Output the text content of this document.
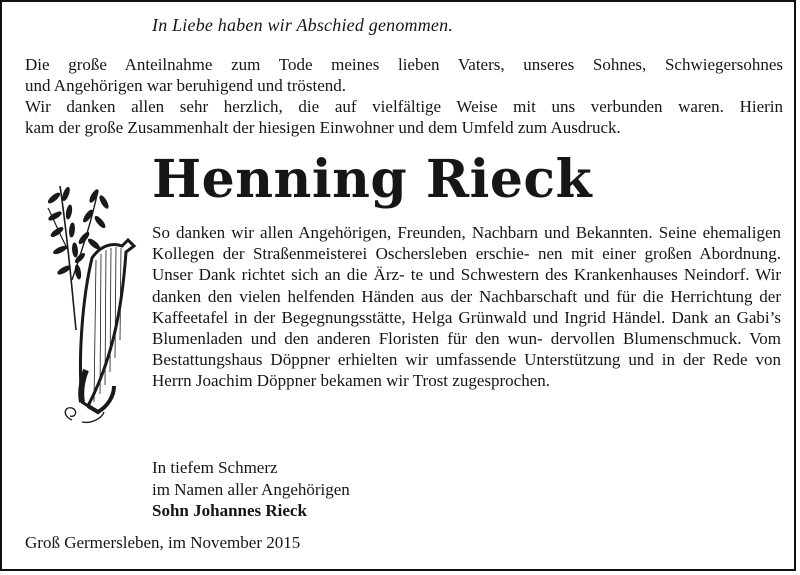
In Liebe haben wir Abschied genommen.

Die große Anteilnahme zum Tode meines lieben Vaters, unseres Sohnes, Schwiegersohnes

und Angehörigen war beruhigend und tröstend.

Wir danken allen sehr herzlich, die auf vielfältige Weise mit uns verbunden waren. Hierin

kam der große Zusammenhalt der hiesigen Einwohner und dem Umfeld zum Ausdruck.

Henning Rieck
So danken wir allen Angehörigen, Freunden, Nachbarn und Bekannten. Seine ehemaligen Kollegen der Straßenmeisterei Oschersleben erschie- nen mit einer großen Abordnung. Unser Dank richtet sich an die Ärz- te und Schwestern des Krankenhauses Neindorf. Wir danken den vielen helfenden Händen aus der Nachbarschaft und für die Herrichtung der Kaffeetafel in der Begegnungsstätte, Helga Grünwald und Ingrid Händel. Dank an Gabi’s Blumenladen und den anderen Floristen für den wun- dervollen Blumenschmuck. Vom Bestattungshaus Döppner erhielten wir umfassende Unterstützung und in der Rede von Herrn Joachim Döppner bekamen wir Trost zugesprochen.
In tiefem Schmerz
im Namen aller Angehörigen
Sohn Johannes Rieck
Groß Germersleben, im November 2015
